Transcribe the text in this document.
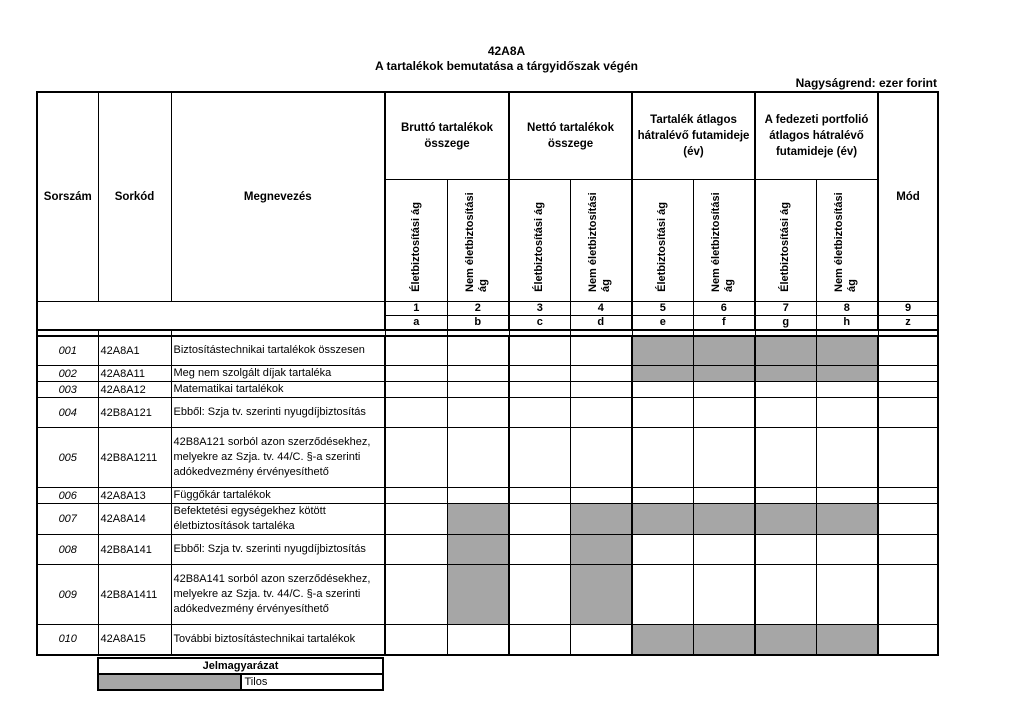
42A8A
A tartalékok bemutatása a tárgyidőszak végén
Nagyságrend: ezer forint
Sorszám	Sorkód	Megnevezés	Bruttó tartalékok összege		Nettó tartalékok összege		Tartalék átlagos hátralévő futamideje (év)		A fedezeti portfolió átlagos hátralévő futamideje (év)		Mód
			Életbiztosítási ág	Nem életbiztosítási ág	Életbiztosítási ág	Nem életbiztosítási ág	Életbiztosítási ág	Nem életbiztosítási ág	Életbiztosítási ág	Nem életbiztosítási ág	
			1	2	3	4	5	6	7	8	9
			a	b	c	d	e	f	g	h	z

001	42A8A1	Biztosítástechnikai tartalékok összesen									
002	42A8A11	Meg nem szolgált díjak tartaléka									
003	42A8A12	Matematikai tartalékok									
004	42B8A121	Ebből: Szja tv. szerinti nyugdíjbiztosítás									
005	42B8A1211	42B8A121 sorból azon szerződésekhez, melyekre az Szja. tv. 44/C. §-a szerinti adókedvezmény érvényesíthető									
006	42A8A13	Függőkár tartalékok									
007	42A8A14	Befektetési egységekhez kötött életbiztosítások tartaléka									
008	42B8A141	Ebből: Szja tv. szerinti nyugdíjbiztosítás									
009	42B8A1411	42B8A141 sorból azon szerződésekhez, melyekre az Szja. tv. 44/C. §-a szerinti adókedvezmény érvényesíthető									
010	42A8A15	További biztosítástechnikai tartalékok									
Jelmagyarázat
	Tilos
